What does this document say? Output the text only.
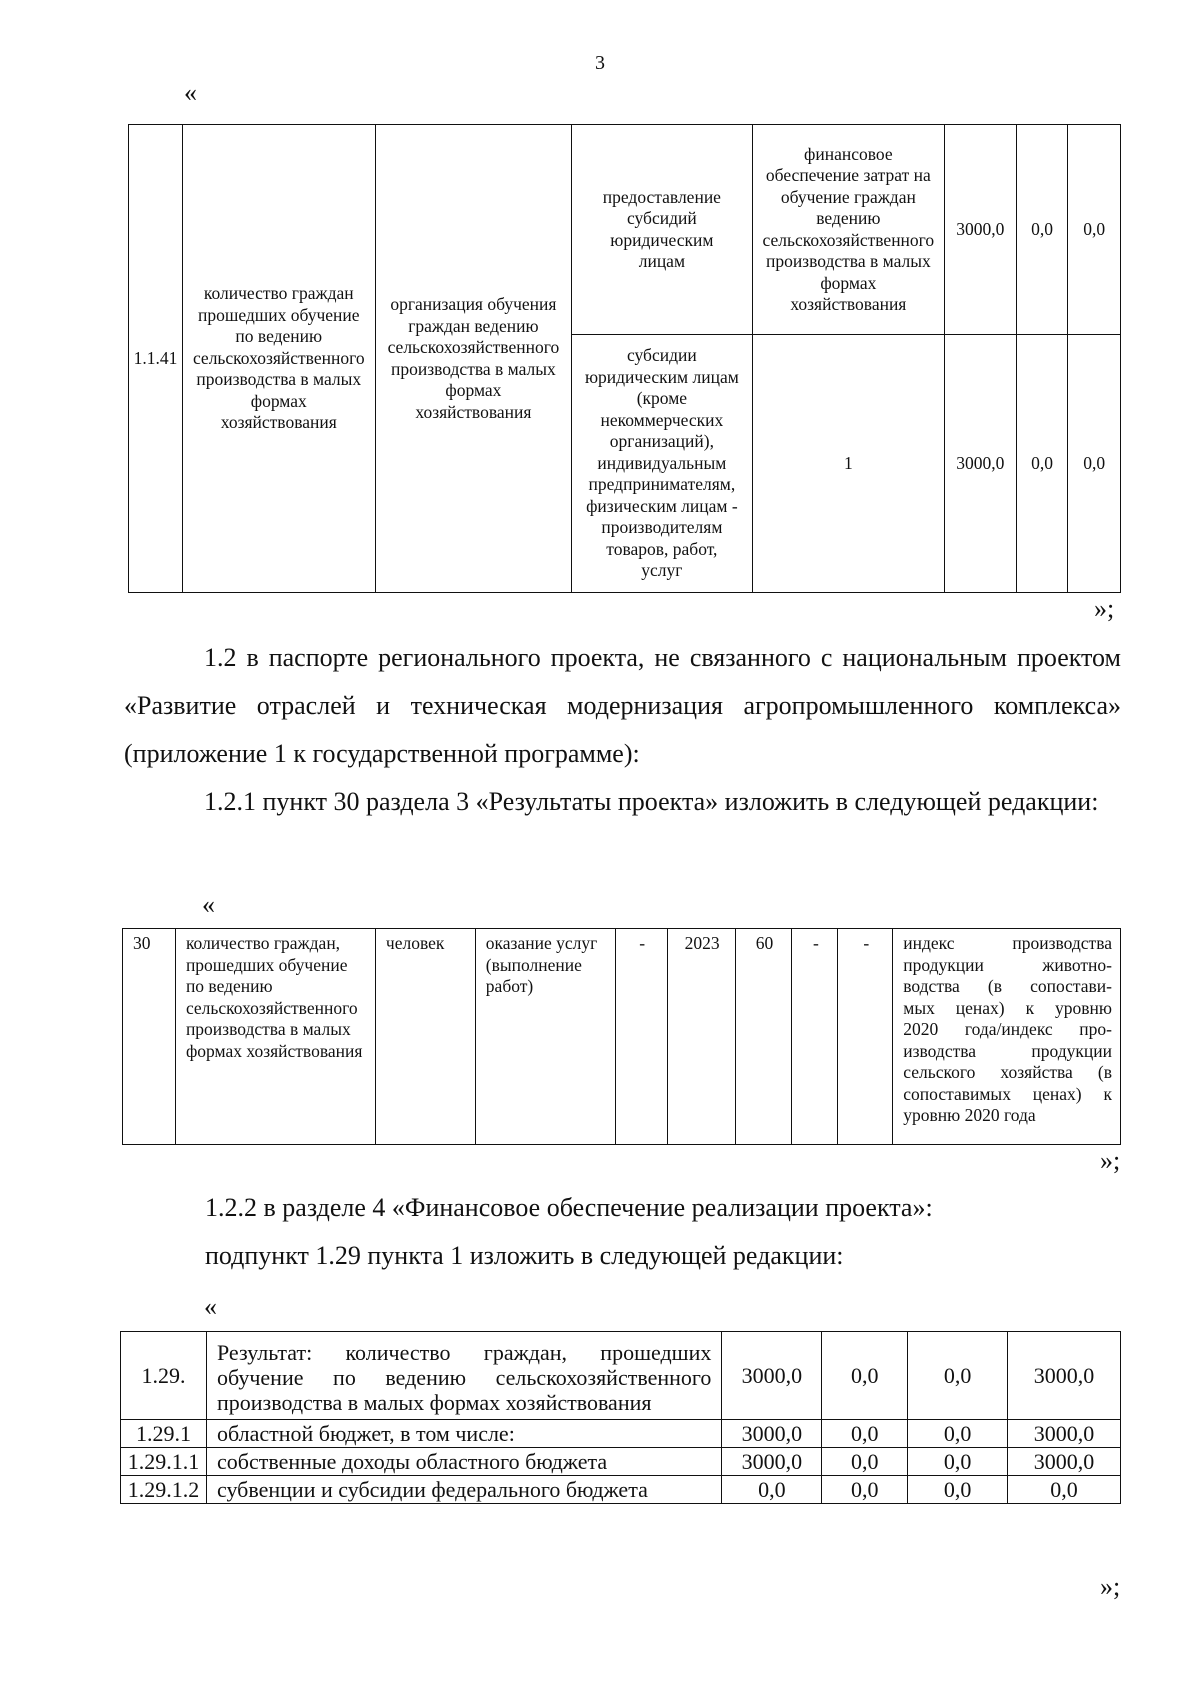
3
«
1.1.41	количество граждан прошедших обучение по ведению сельскохозяйственного производства в малых формах хозяйствования	организация обучения граждан ведению сельскохозяйственного производства в малых формах хозяйствования	предоставление субсидий юридическим лицам	финансовое обеспечение затрат на обучение граждан ведению сельскохозяйственного производства в малых формах хозяйствования	3000,0	0,0	0,0
			субсидии юридическим лицам (кроме некоммерческих организаций), индивидуальным предпринимателям, физическим лицам - производителям товаров, работ, услуг	1	3000,0	0,0	0,0
»;
1.2 в паспорте регионального проекта, не связанного с национальным проектом «Развитие отраслей и техническая модернизация агропромышленного комплекса» (приложение 1 к государственной программе):
1.2.1 пункт 30 раздела 3 «Результаты проекта» изложить в следующей редакции:
«
30	количество граждан, прошедших обучение по ведению сельскохозяйственного производства в малых формах хозяйствования	человек	оказание услуг (выполнение работ)	-	2023	60	-	-	индекс производства
продукции животно-
водства (в сопостави-
мых ценах) к уровню
2020 года/индекс про-
изводства продукции
сельского хозяйства (в
сопоставимых ценах) к
уровню 2020 года
»;
1.2.2 в разделе 4 «Финансовое обеспечение реализации проекта»:
подпункт 1.29 пункта 1 изложить в следующей редакции:
«
1.29.	Результат: количество граждан, прошедших обучение по ведению сельскохозяйственного производства в малых формах хозяйствования	3000,0	0,0	0,0	3000,0
1.29.1	областной бюджет, в том числе:	3000,0	0,0	0,0	3000,0
1.29.1.1	собственные доходы областного бюджета	3000,0	0,0	0,0	3000,0
1.29.1.2	субвенции и субсидии федерального бюджета	0,0	0,0	0,0	0,0
»;
